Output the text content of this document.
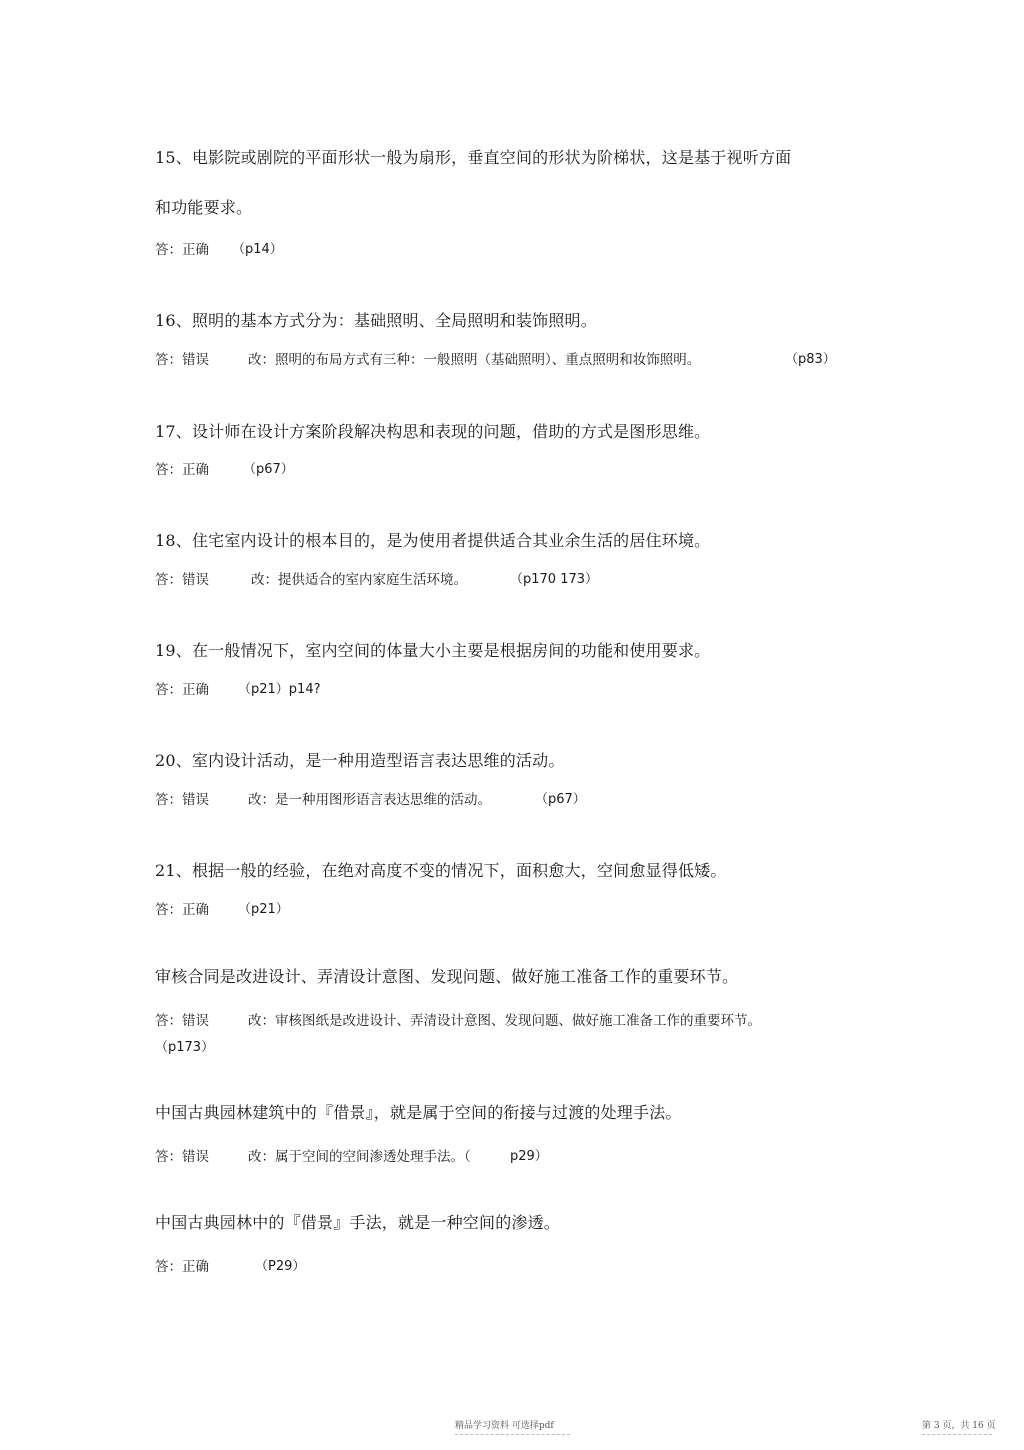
15、电影院或剧院的平面形状一般为扇形，垂直空间的形状为阶梯状，这是基于视听方面
和功能要求。
答：正确 （p14）
16、照明的基本方式分为：基础照明、全局照明和装饰照明。
答：错误	改：照明的布局方式有三种：一般照明（基础照明）、重点照明和妆饰照明。	（p83）
17、设计师在设计方案阶段解决构思和表现的问题，借助的方式是图形思维。
答：正确	（p67）
18、住宅室内设计的根本目的，是为使用者提供适合其业余生活的居住环境。
答：错误	改：提供适合的室内家庭生活环境。	（p170 173）
19、在一般情况下，室内空间的体量大小主要是根据房间的功能和使用要求。
答：正确 （p21）p14?
20、室内设计活动，是一种用造型语言表达思维的活动。
答：错误	改：是一种用图形语言表达思维的活动。	（p67）
21、根据一般的经验，在绝对高度不变的情况下，面积愈大，空间愈显得低矮。
答：正确 （p21）
审核合同是改进设计、弄清设计意图、发现问题、做好施工准备工作的重要环节。
答：错误	改：审核图纸是改进设计、弄清设计意图、发现问题、做好施工准备工作的重要环节。
（p173）
中国古典园林建筑中的『借景』，就是属于空间的衔接与过渡的处理手法。
答：错误	改：属于空间的空间渗透处理手法。（	p29）
中国古典园林中的『借景』手法，就是一种空间的渗透。
答：正确	（P29）
精品学习资料 可选择pdf	第 3 页，共 16 页
